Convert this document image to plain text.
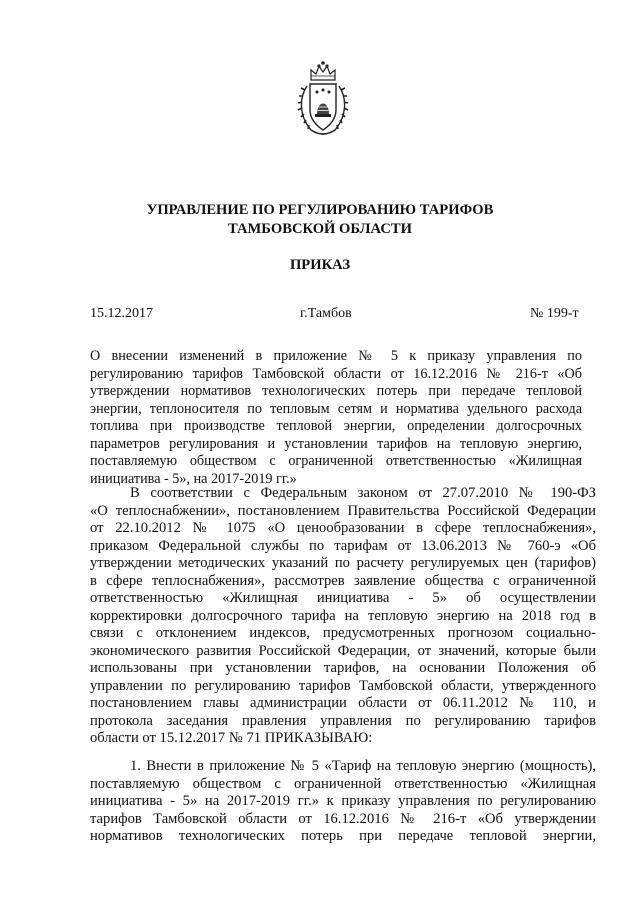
УПРАВЛЕНИЕ ПО РЕГУЛИРОВАНИЮ ТАРИФОВ
ТАМБОВСКОЙ ОБЛАСТИ
ПРИКАЗ
15.12.2017	г.Тамбов	№ 199-т
О внесении изменений в приложение № 5 к приказу управления по
регулированию тарифов Тамбовской области от 16.12.2016 № 216-т «Об
утверждении нормативов технологических потерь при передаче тепловой
энергии, теплоносителя по тепловым сетям и норматива удельного расхода
топлива при производстве тепловой энергии, определении долгосрочных
параметров регулирования и установлении тарифов на тепловую энергию,
поставляемую обществом с ограниченной ответственностью «Жилищная
инициатива - 5», на 2017-2019 гг.»
В соответствии с Федеральным законом от 27.07.2010 № 190-ФЗ
«О теплоснабжении», постановлением Правительства Российской Федерации
от 22.10.2012 № 1075 «О ценообразовании в сфере теплоснабжения»,
приказом Федеральной службы по тарифам от 13.06.2013 № 760-э «Об
утверждении методических указаний по расчету регулируемых цен (тарифов)
в сфере теплоснабжения», рассмотрев заявление общества с ограниченной
ответственностью «Жилищная инициатива - 5» об осуществлении
корректировки долгосрочного тарифа на тепловую энергию на 2018 год в
связи с отклонением индексов, предусмотренных прогнозом социально-
экономического развития Российской Федерации, от значений, которые были
использованы при установлении тарифов, на основании Положения об
управлении по регулированию тарифов Тамбовской области, утвержденного
постановлением главы администрации области от 06.11.2012 № 110, и
протокола заседания правления управления по регулированию тарифов
области от 15.12.2017 № 71 ПРИКАЗЫВАЮ:
1. Внести в приложение № 5 «Тариф на тепловую энергию (мощность),
поставляемую обществом с ограниченной ответственностью «Жилищная
инициатива - 5» на 2017-2019 гг.» к приказу управления по регулированию
тарифов Тамбовской области от 16.12.2016 № 216-т «Об утверждении
нормативов технологических потерь при передаче тепловой энергии,
